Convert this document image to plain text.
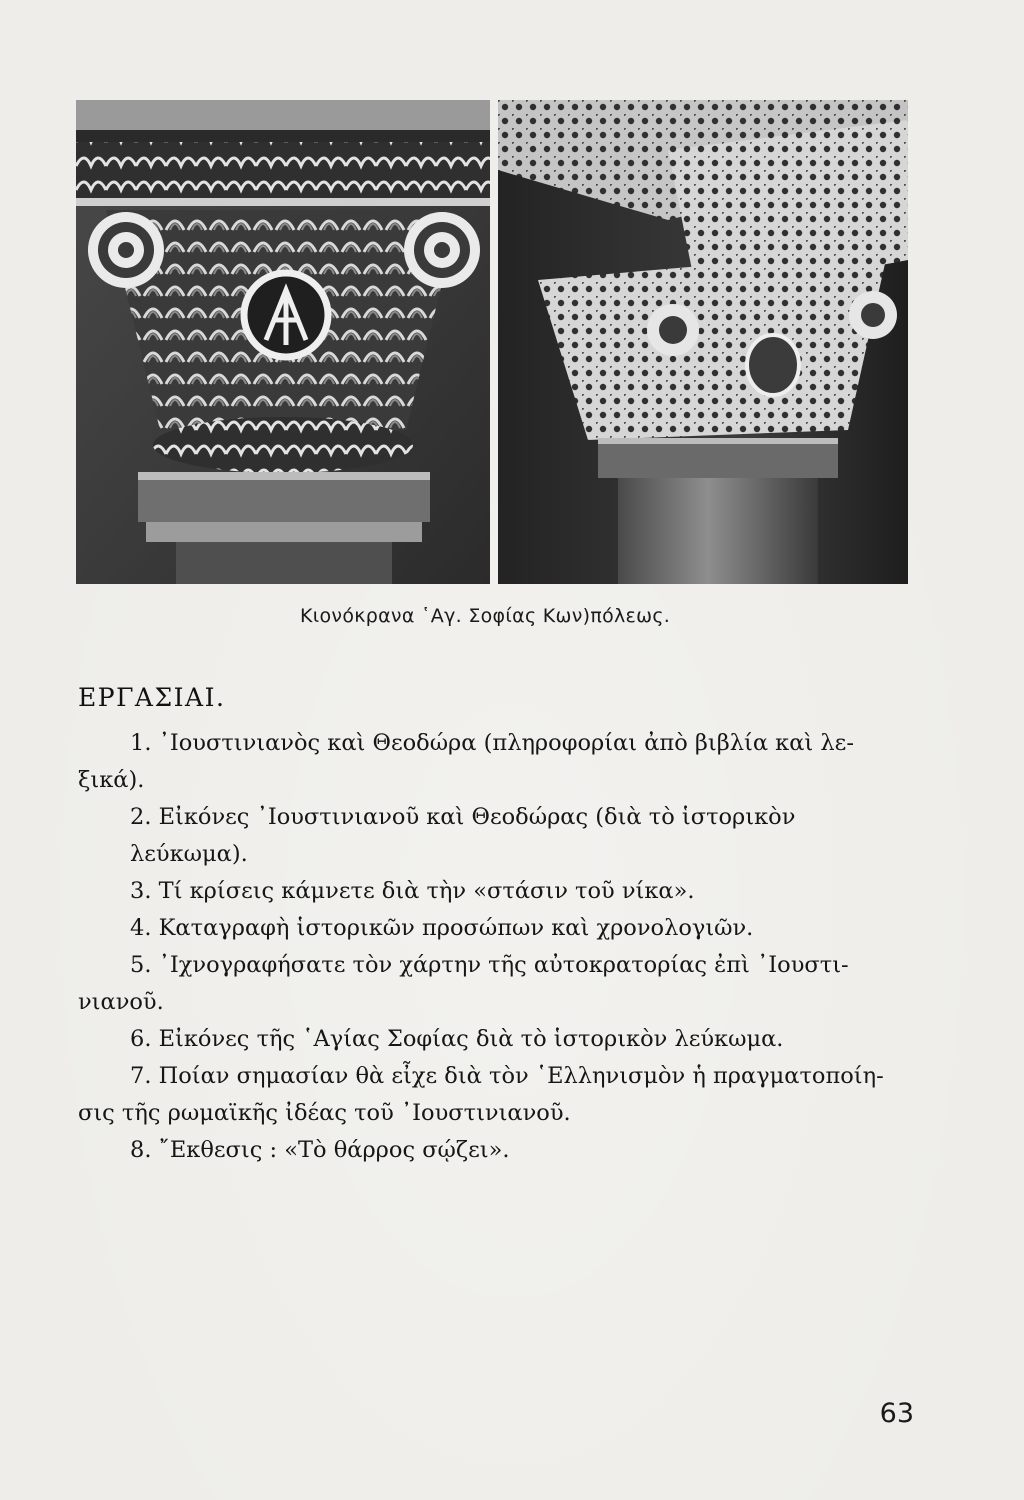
Κιονόκρανα ῾Αγ. Σοφίας Κων)πόλεως.
ΕΡΓΑΣΙΑΙ.
1. ᾿Ιουστινιανὸς καὶ Θεοδώρα (πληροφορίαι ἀπὸ βιβλία καὶ λε-
ξικά).
2. Εἰκόνες ᾿Ιουστινιανοῦ καὶ Θεοδώρας (διὰ τὸ ἱστορικὸν λεύκωμα).
3. Τί κρίσεις κάμνετε διὰ τὴν «στάσιν τοῦ νίκα».
4. Καταγραφὴ ἱστορικῶν προσώπων καὶ χρονολογιῶν.
5. ᾿Ιχνογραφήσατε τὸν χάρτην τῆς αὐτοκρατορίας ἐπὶ ᾿Ιουστι-
νιανοῦ.
6. Εἰκόνες τῆς ῾Αγίας Σοφίας διὰ τὸ ἱστορικὸν λεύκωμα.
7. Ποίαν σημασίαν θὰ εἶχε διὰ τὸν ῾Ελληνισμὸν ἡ πραγματοποίη-
σις τῆς ρωμαϊκῆς ἰδέας τοῦ ᾿Ιουστινιανοῦ.
8. ῎Εκθεσις : «Τὸ θάρρος σῴζει».
63
